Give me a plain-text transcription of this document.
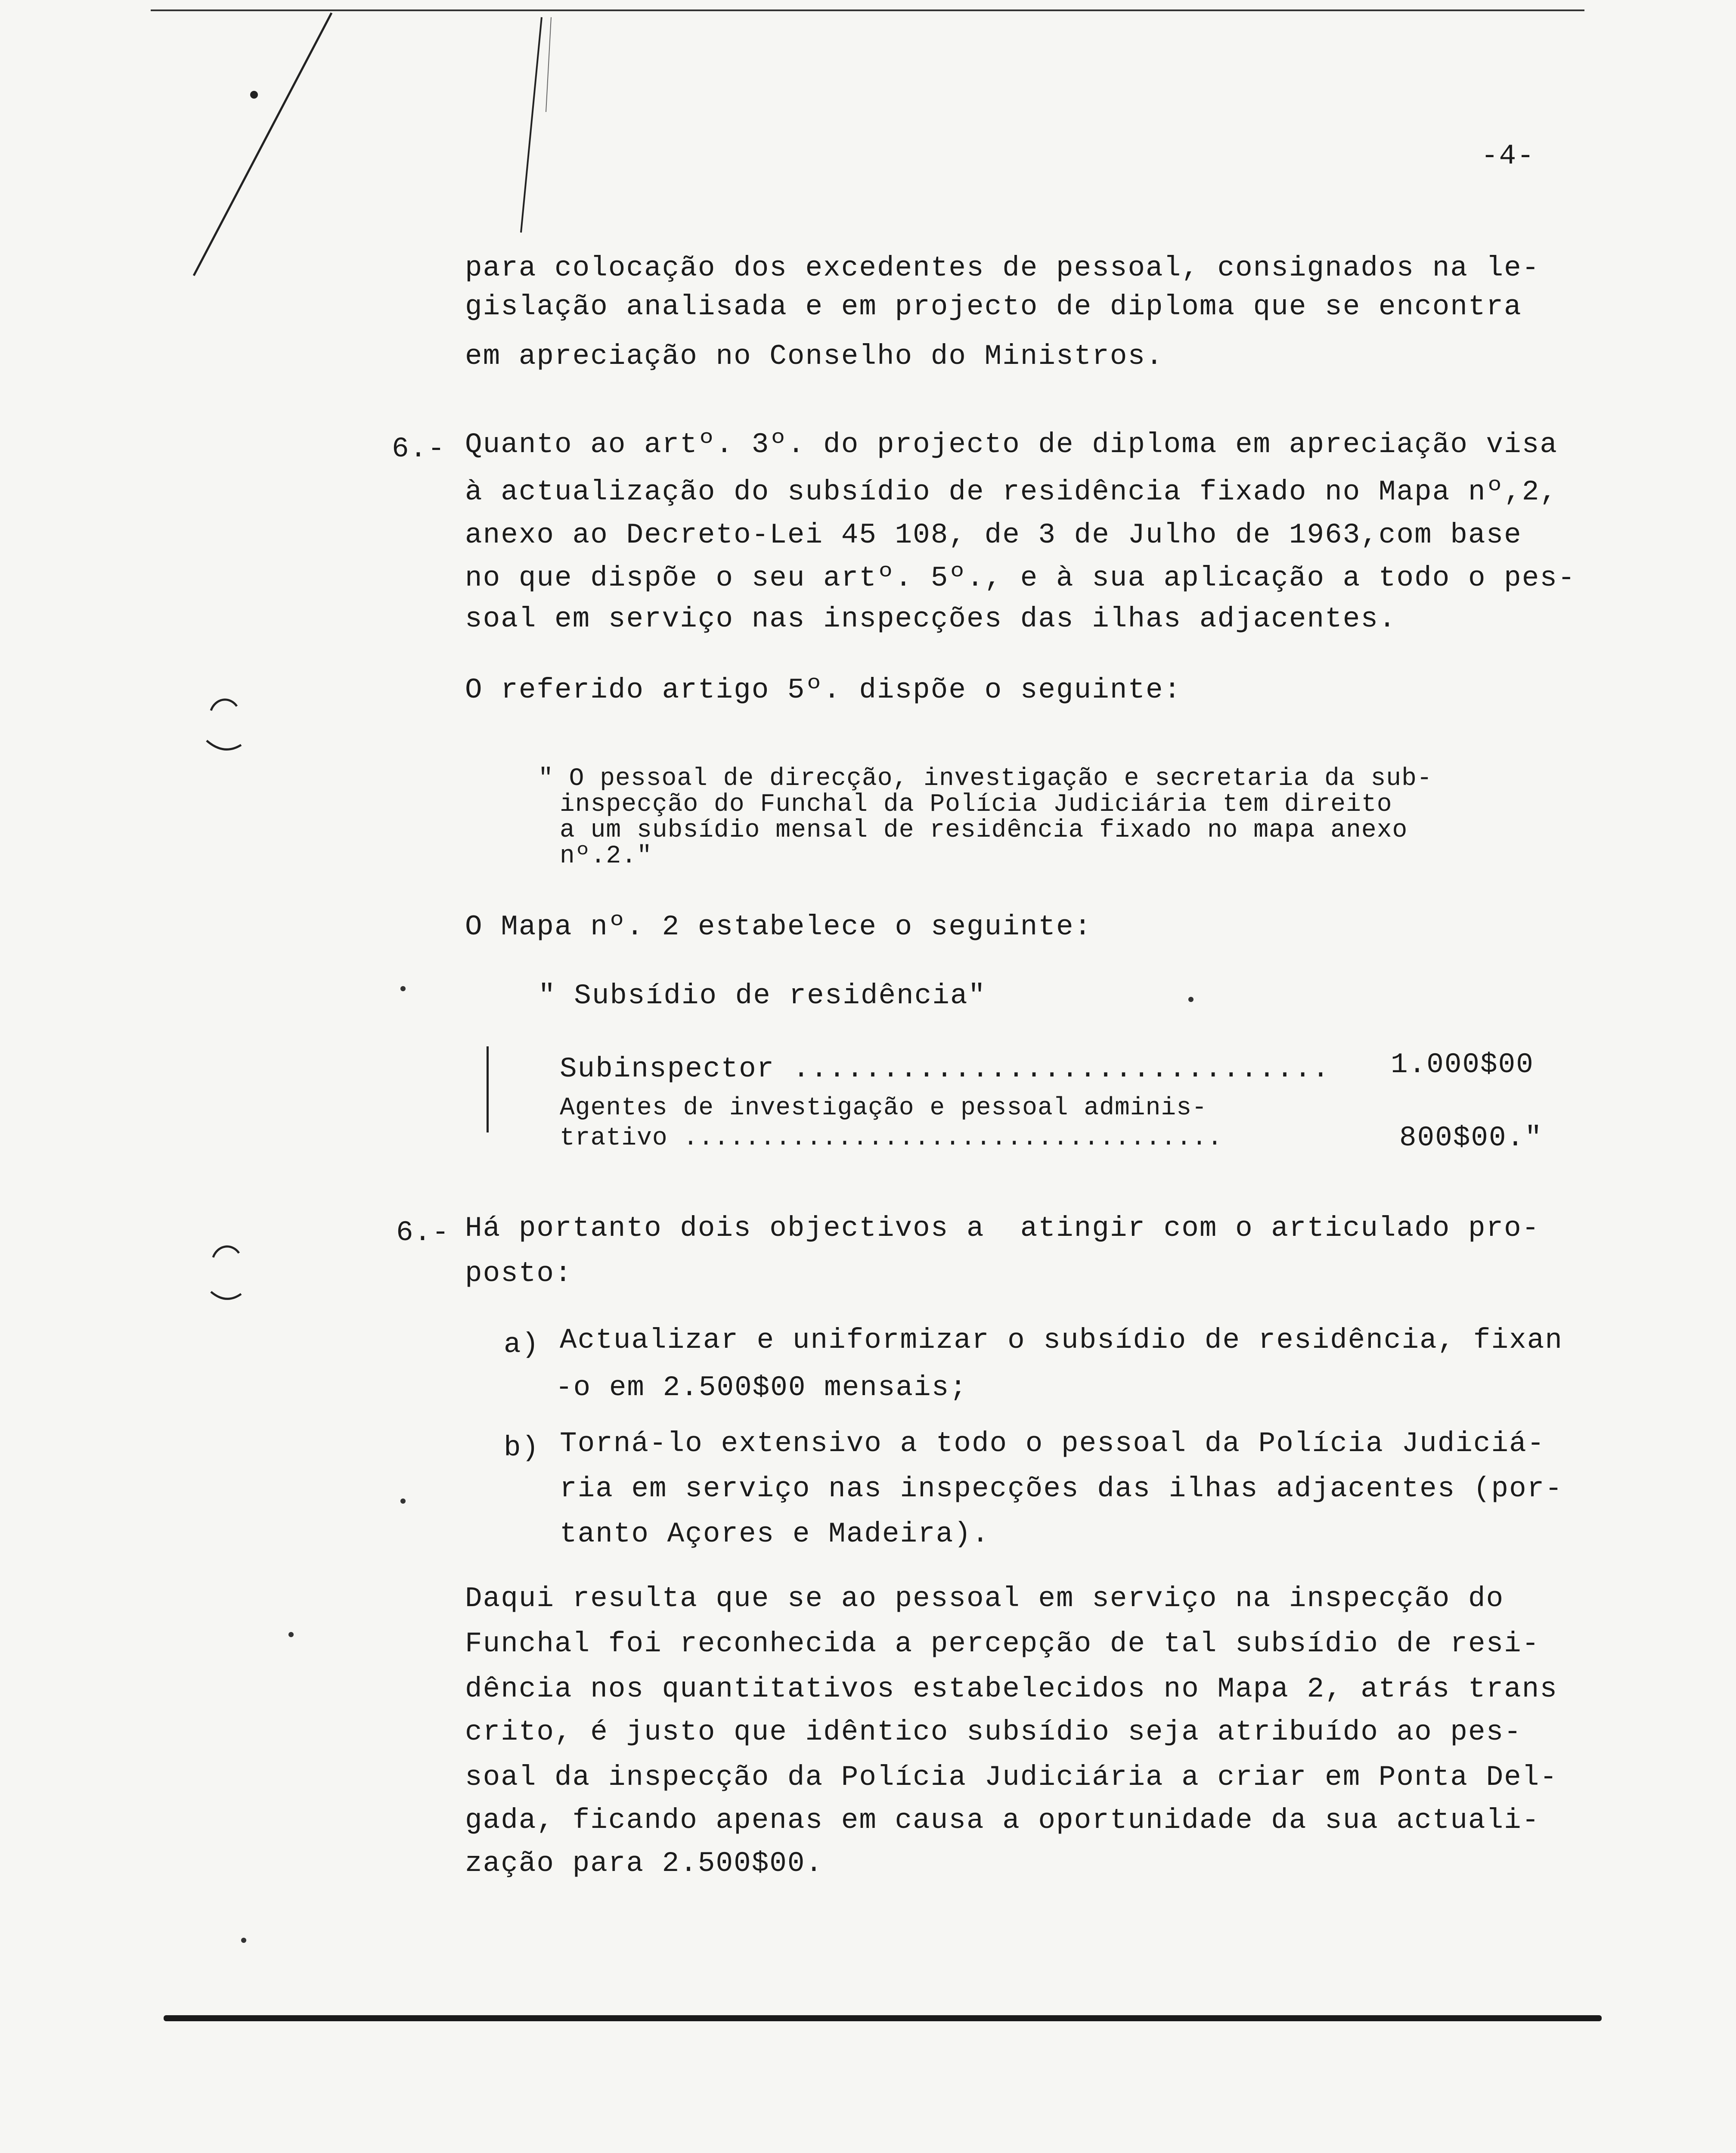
-4-
para colocação dos excedentes de pessoal, consignados na le-
gislação analisada e em projecto de diploma que se encontra
em apreciação no Conselho do Ministros.
6.- Quanto ao artº. 3º. do projecto de diploma em apreciação visa
à actualização do subsídio de residência fixado no Mapa nº,2,
anexo ao Decreto-Lei 45 108, de 3 de Julho de 1963,com base
no que dispõe o seu artº. 5º., e à sua aplicação a todo o pes-
soal em serviço nas inspecções das ilhas adjacentes.
O referido artigo 5º. dispõe o seguinte:
" O pessoal de direcção, investigação e secretaria da sub-
inspecção do Funchal da Polícia Judiciária tem direito
a um subsídio mensal de residência fixado no mapa anexo
nº.2."
O Mapa nº. 2 estabelece o seguinte:
" Subsídio de residência"
Subinspector .............................. 1.000$00
Agentes de investigação e pessoal adminis-
trativo ...................................	800$00."
6.- Há portanto dois objectivos a  atingir com o articulado pro-
posto:
a) Actualizar e uniformizar o subsídio de residência, fixan
-o em 2.500$00 mensais;
b) Torná-lo extensivo a todo o pessoal da Polícia Judiciá-
ria em serviço nas inspecções das ilhas adjacentes (por-
tanto Açores e Madeira).
Daqui resulta que se ao pessoal em serviço na inspecção do
Funchal foi reconhecida a percepção de tal subsídio de resi-
dência nos quantitativos estabelecidos no Mapa 2, atrás trans
crito, é justo que idêntico subsídio seja atribuído ao pes-
soal da inspecção da Polícia Judiciária a criar em Ponta Del-
gada, ficando apenas em causa a oportunidade da sua actuali-
zação para 2.500$00.
